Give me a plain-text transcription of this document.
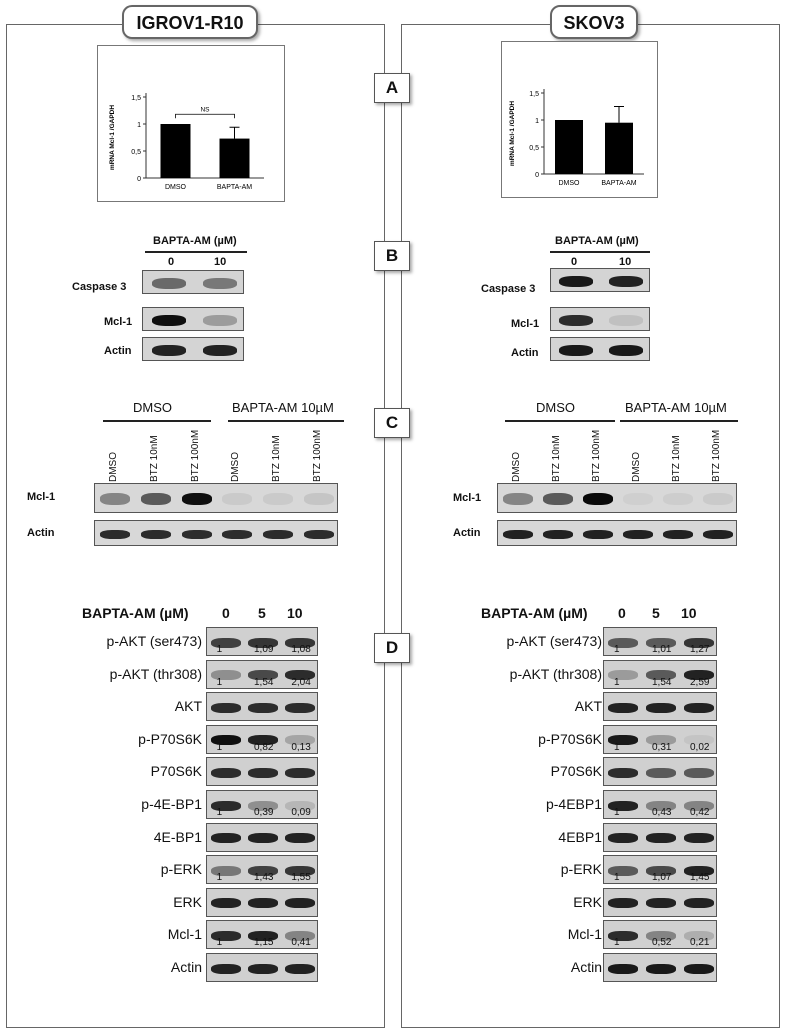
IGROV1-R10	SKOV3
A
B
C
D
0
0,5
1
1,5
mRNA Mcl-1 /GAPDH
DMSO	BAPTA-AM
NS
BAPTA-AM (µM)
0	10
Caspase 3
Mcl-1
Actin
DMSO	BAPTA-AM 10µM
DMSO	BTZ 10nM	BTZ 100nM	DMSO	BTZ 10nM	BTZ 100nM
Mcl-1
Actin
BAPTA-AM (µM) 0 5 10
p-AKT (ser473)
1	1,09 1,08
p-AKT (thr308)
1	1,54 2,04
AKT
p-P70S6K
1	0,82 0,13
P70S6K
p-4E-BP1
1	0,39 0,09
4E-BP1
p-ERK
1	1,43 1,55
ERK
Mcl-1
1	1,15 0,41
Actin
0
0,5
1
1,5
mRNA Mcl-1 /GAPDH
DMSO	BAPTA-AM
BAPTA-AM (µM)
0	10
Caspase 3
Mcl-1
Actin
DMSO	BAPTA-AM 10µM
DMSO	BTZ 10nM	BTZ 100nM	DMSO	BTZ 10nM	BTZ 100nM
Mcl-1
Actin
BAPTA-AM (µM) 0 5 10
p-AKT (ser473)
1	1,01 1,27
p-AKT (thr308)
1	1,54 2,59
AKT
p-P70S6K
1	0,31 0,02
P70S6K
p-4EBP1
1	0,43 0,42
4EBP1
p-ERK
1	1,07 1,45
ERK
Mcl-1
1	0,52 0,21
Actin
